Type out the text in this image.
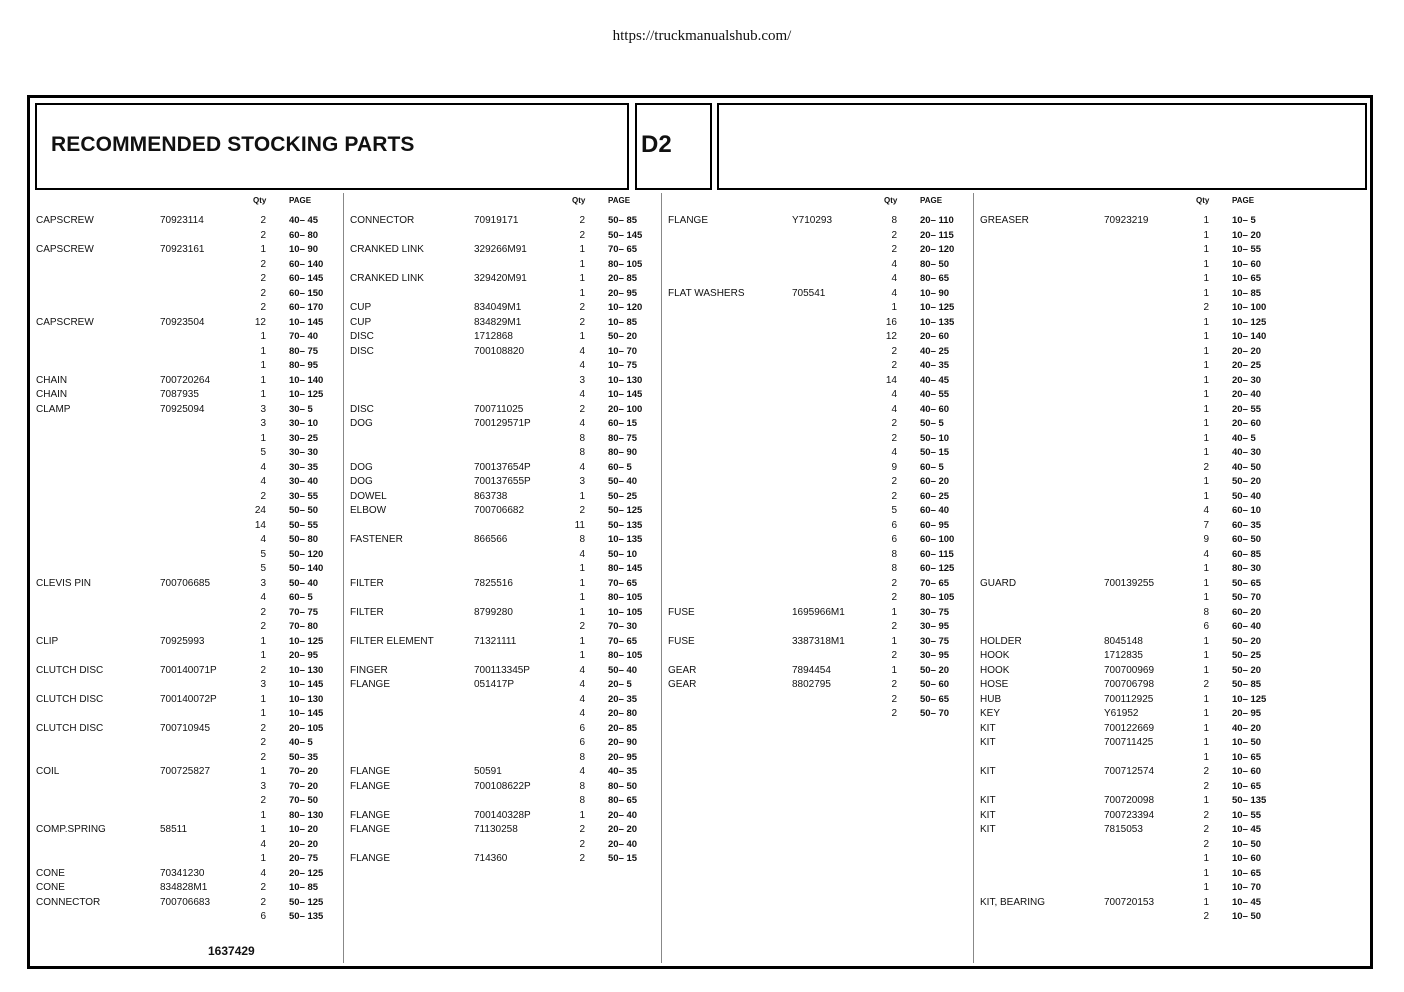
https://truckmanualshub.com/
RECOMMENDED STOCKING PARTS	D2
Qty	PAGE
CAPSCREW	70923114	2 40– 45
2 60– 80
CAPSCREW	70923161	1 10– 90
2 60– 140
2 60– 145
2 60– 150
2 60– 170
CAPSCREW	70923504	12 10– 145
1 70– 40
1 80– 75
1 80– 95
CHAIN	700720264	1 10– 140
CHAIN	7087935	1 10– 125
CLAMP	70925094	3 30– 5
3 30– 10
1 30– 25
5 30– 30
4 30– 35
4 30– 40
2 30– 55
24 50– 50
14 50– 55
4 50– 80
5 50– 120
5 50– 140
CLEVIS PIN	700706685	3 50– 40
4 60– 5
2 70– 75
2 70– 80
CLIP	70925993	1 10– 125
1 20– 95
CLUTCH DISC	700140071P	2 10– 130
3 10– 145
CLUTCH DISC	700140072P	1 10– 130
1 10– 145
CLUTCH DISC	700710945	2 20– 105
2 40– 5
2 50– 35
COIL	700725827	1 70– 20
3 70– 20
2 70– 50
1 80– 130
COMP.SPRING	58511	1 10– 20
4 20– 20
1 20– 75
CONE	70341230	4 20– 125
CONE	834828M1	2 10– 85
CONNECTOR	700706683	2 50– 125
6 50– 135
1637429
Qty	PAGE
CONNECTOR	70919171	2 50– 85
2 50– 145
CRANKED LINK	329266M91	1 70– 65
1 80– 105
CRANKED LINK	329420M91	1 20– 85
1 20– 95
CUP	834049M1	2 10– 120
CUP	834829M1	2 10– 85
DISC	1712868	1 50– 20
DISC	700108820	4 10– 70
4 10– 75
3 10– 130
4 10– 145
DISC	700711025	2 20– 100
DOG	700129571P	4 60– 15
8 80– 75
8 80– 90
DOG	700137654P	4 60– 5
DOG	700137655P	3 50– 40
DOWEL	863738	1 50– 25
ELBOW	700706682	2 50– 125
11 50– 135
FASTENER	866566	8 10– 135
4 50– 10
1 80– 145
FILTER	7825516	1 70– 65
1 80– 105
FILTER	8799280	1 10– 105
2 70– 30
FILTER ELEMENT	71321111	1 70– 65
1 80– 105
FINGER	700113345P	4 50– 40
FLANGE	051417P	4 20– 5
4 20– 35
4 20– 80
6 20– 85
6 20– 90
8 20– 95
FLANGE	50591	4 40– 35
FLANGE	700108622P	8 80– 50
8 80– 65
FLANGE	700140328P	1 20– 40
FLANGE	71130258	2 20– 20
2 20– 40
FLANGE	714360	2 50– 15
Qty	PAGE
FLANGE	Y710293	8 20– 110
2 20– 115
2 20– 120
4 80– 50
4 80– 65
FLAT WASHERS	705541	4 10– 90
1 10– 125
16 10– 135
12 20– 60
2 40– 25
2 40– 35
14 40– 45
4 40– 55
4 40– 60
2 50– 5
2 50– 10
4 50– 15
9 60– 5
2 60– 20
2 60– 25
5 60– 40
6 60– 95
6 60– 100
8 60– 115
8 60– 125
2 70– 65
2 80– 105
FUSE	1695966M1	1 30– 75
2 30– 95
FUSE	3387318M1	1 30– 75
2 30– 95
GEAR	7894454	1 50– 20
GEAR	8802795	2 50– 60
2 50– 65
2 50– 70
Qty	PAGE
GREASER	70923219	1 10– 5
1 10– 20
1 10– 55
1 10– 60
1 10– 65
1 10– 85
2 10– 100
1 10– 125
1 10– 140
1 20– 20
1 20– 25
1 20– 30
1 20– 40
1 20– 55
1 20– 60
1 40– 5
1 40– 30
2 40– 50
1 50– 20
1 50– 40
4 60– 10
7 60– 35
9 60– 50
4 60– 85
1 80– 30
GUARD	700139255	1 50– 65
1 50– 70
8 60– 20
6 60– 40
HOLDER	8045148	1 50– 20
HOOK	1712835	1 50– 25
HOOK	700700969	1 50– 20
HOSE	700706798	2 50– 85
HUB	700112925	1 10– 125
KEY	Y61952	1 20– 95
KIT	700122669	1 40– 20
KIT	700711425	1 10– 50
1 10– 65
KIT	700712574	2 10– 60
2 10– 65
KIT	700720098	1 50– 135
KIT	700723394	2 10– 55
KIT	7815053	2 10– 45
2 10– 50
1 10– 60
1 10– 65
1 10– 70
KIT, BEARING	700720153	1 10– 45
2 10– 50
